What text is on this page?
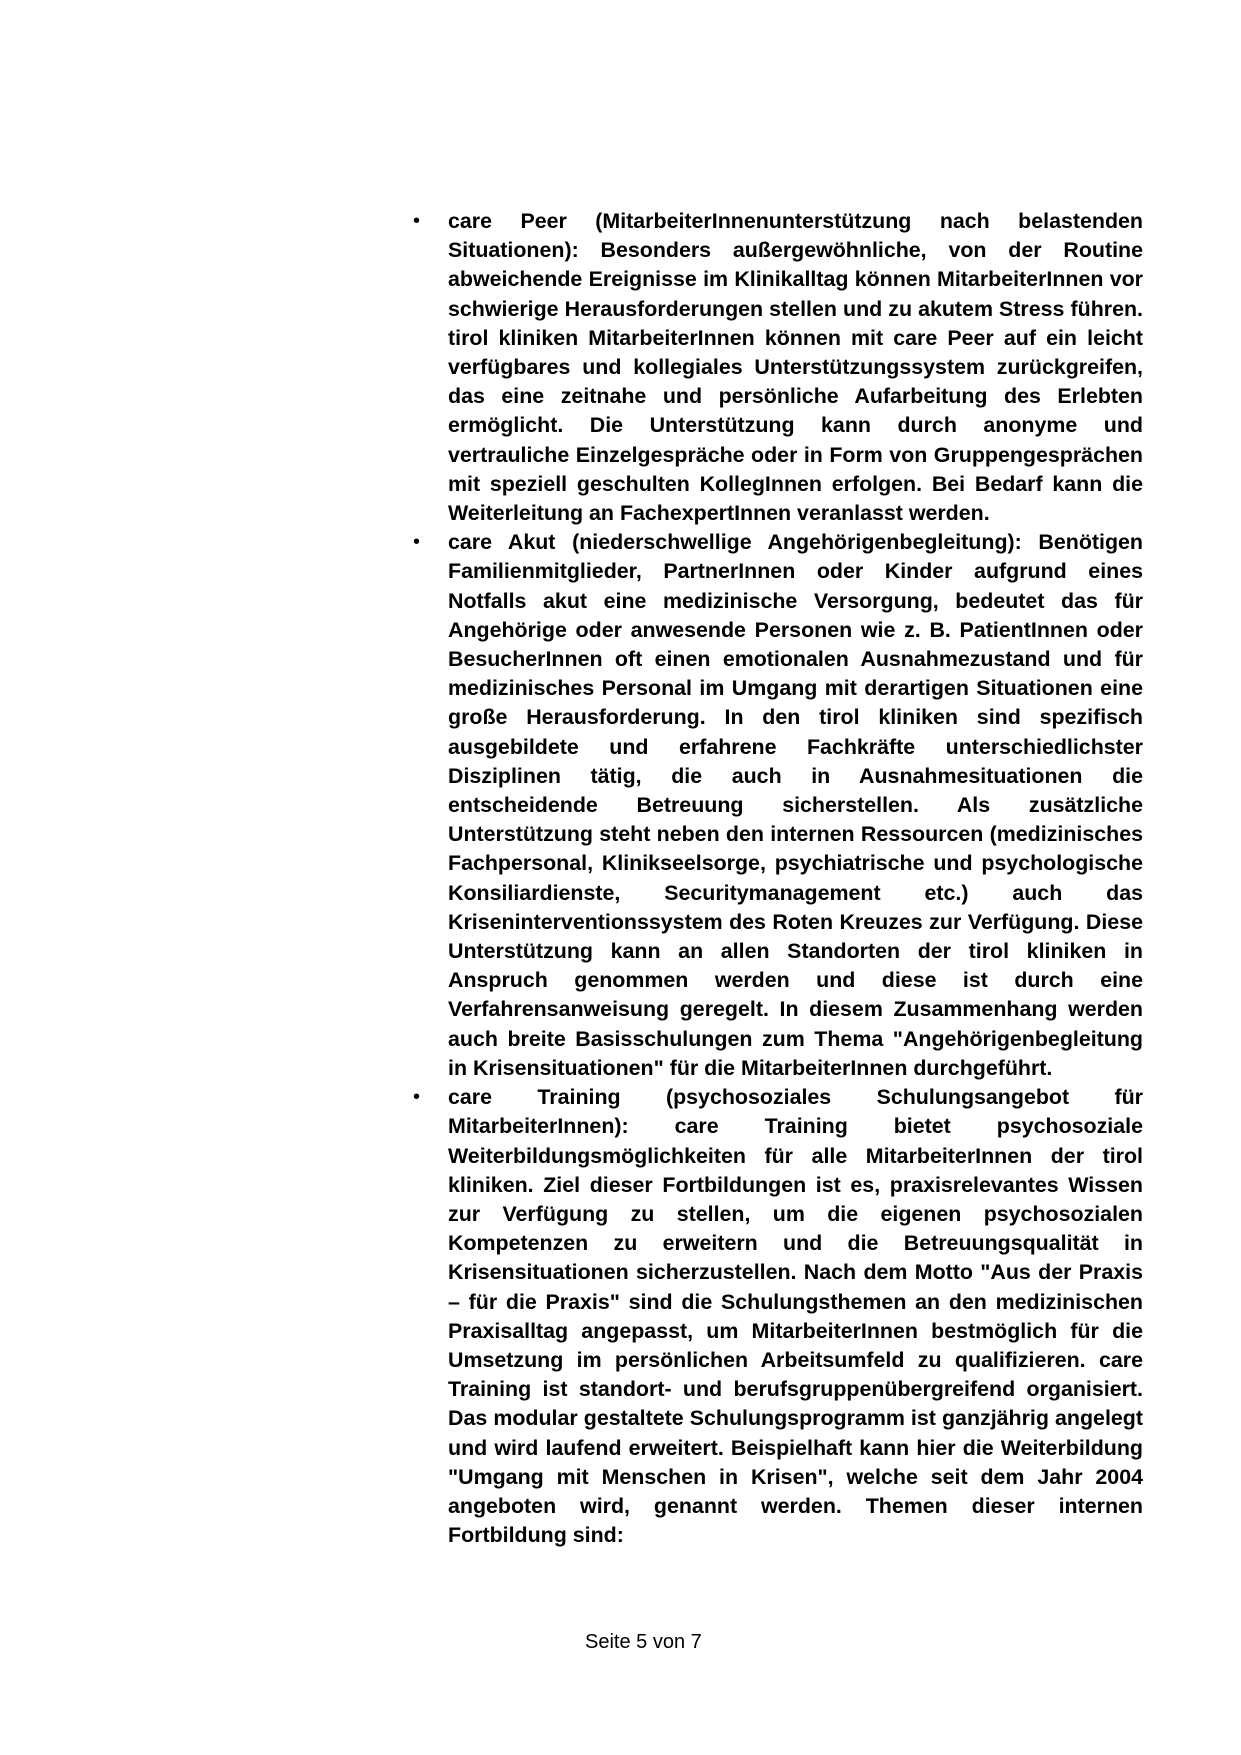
• care Peer (MitarbeiterInnenunterstützung nach belastenden Situationen): Besonders außergewöhnliche, von der Routine abweichende Ereignisse im Klinikalltag können MitarbeiterInnen vor schwierige Herausforderungen stellen und zu akutem Stress führen. tirol kliniken MitarbeiterInnen können mit care Peer auf ein leicht verfügbares und kollegiales Unterstützungssystem zurückgreifen, das eine zeitnahe und persönliche Aufarbeitung des Erlebten ermöglicht. Die Unterstützung kann durch anonyme und vertrauliche Einzelgespräche oder in Form von Gruppengesprächen mit speziell geschulten KollegInnen erfolgen. Bei Bedarf kann die Weiterleitung an FachexpertInnen veranlasst werden.
• care Akut (niederschwellige Angehörigenbegleitung): Benötigen Familienmitglieder, PartnerInnen oder Kinder aufgrund eines Notfalls akut eine medizinische Versorgung, bedeutet das für Angehörige oder anwesende Personen wie z. B. PatientInnen oder BesucherInnen oft einen emotionalen Ausnahmezustand und für medizinisches Personal im Umgang mit derartigen Situationen eine große Herausforderung. In den tirol kliniken sind spezifisch ausgebildete und erfahrene Fachkräfte unterschiedlichster Disziplinen tätig, die auch in Ausnahmesituationen die entscheidende Betreuung sicherstellen. Als zusätzliche Unterstützung steht neben den internen Ressourcen (medizinisches Fachpersonal, Klinikseelsorge, psychiatrische und psychologische Konsiliardienste, Securitymanagement etc.) auch das Kriseninterventionssystem des Roten Kreuzes zur Verfügung. Diese Unterstützung kann an allen Standorten der tirol kliniken in Anspruch genommen werden und diese ist durch eine Verfahrensanweisung geregelt. In diesem Zusammenhang werden auch breite Basisschulungen zum Thema "Angehörigenbegleitung in Krisensituationen" für die MitarbeiterInnen durchgeführt.
• care Training (psychosoziales Schulungsangebot für MitarbeiterInnen): care Training bietet psychosoziale Weiterbildungsmöglichkeiten für alle MitarbeiterInnen der tirol kliniken. Ziel dieser Fortbildungen ist es, praxisrelevantes Wissen zur Verfügung zu stellen, um die eigenen psychosozialen Kompetenzen zu erweitern und die Betreuungsqualität in Krisensituationen sicherzustellen. Nach dem Motto "Aus der Praxis – für die Praxis" sind die Schulungsthemen an den medizinischen Praxisalltag angepasst, um MitarbeiterInnen bestmöglich für die Umsetzung im persönlichen Arbeitsumfeld zu qualifizieren. care Training ist standort- und berufsgruppenübergreifend organisiert. Das modular gestaltete Schulungsprogramm ist ganzjährig angelegt und wird laufend erweitert. Beispielhaft kann hier die Weiterbildung "Umgang mit Menschen in Krisen", welche seit dem Jahr 2004 angeboten wird, genannt werden. Themen dieser internen Fortbildung sind:
Seite 5 von 7
